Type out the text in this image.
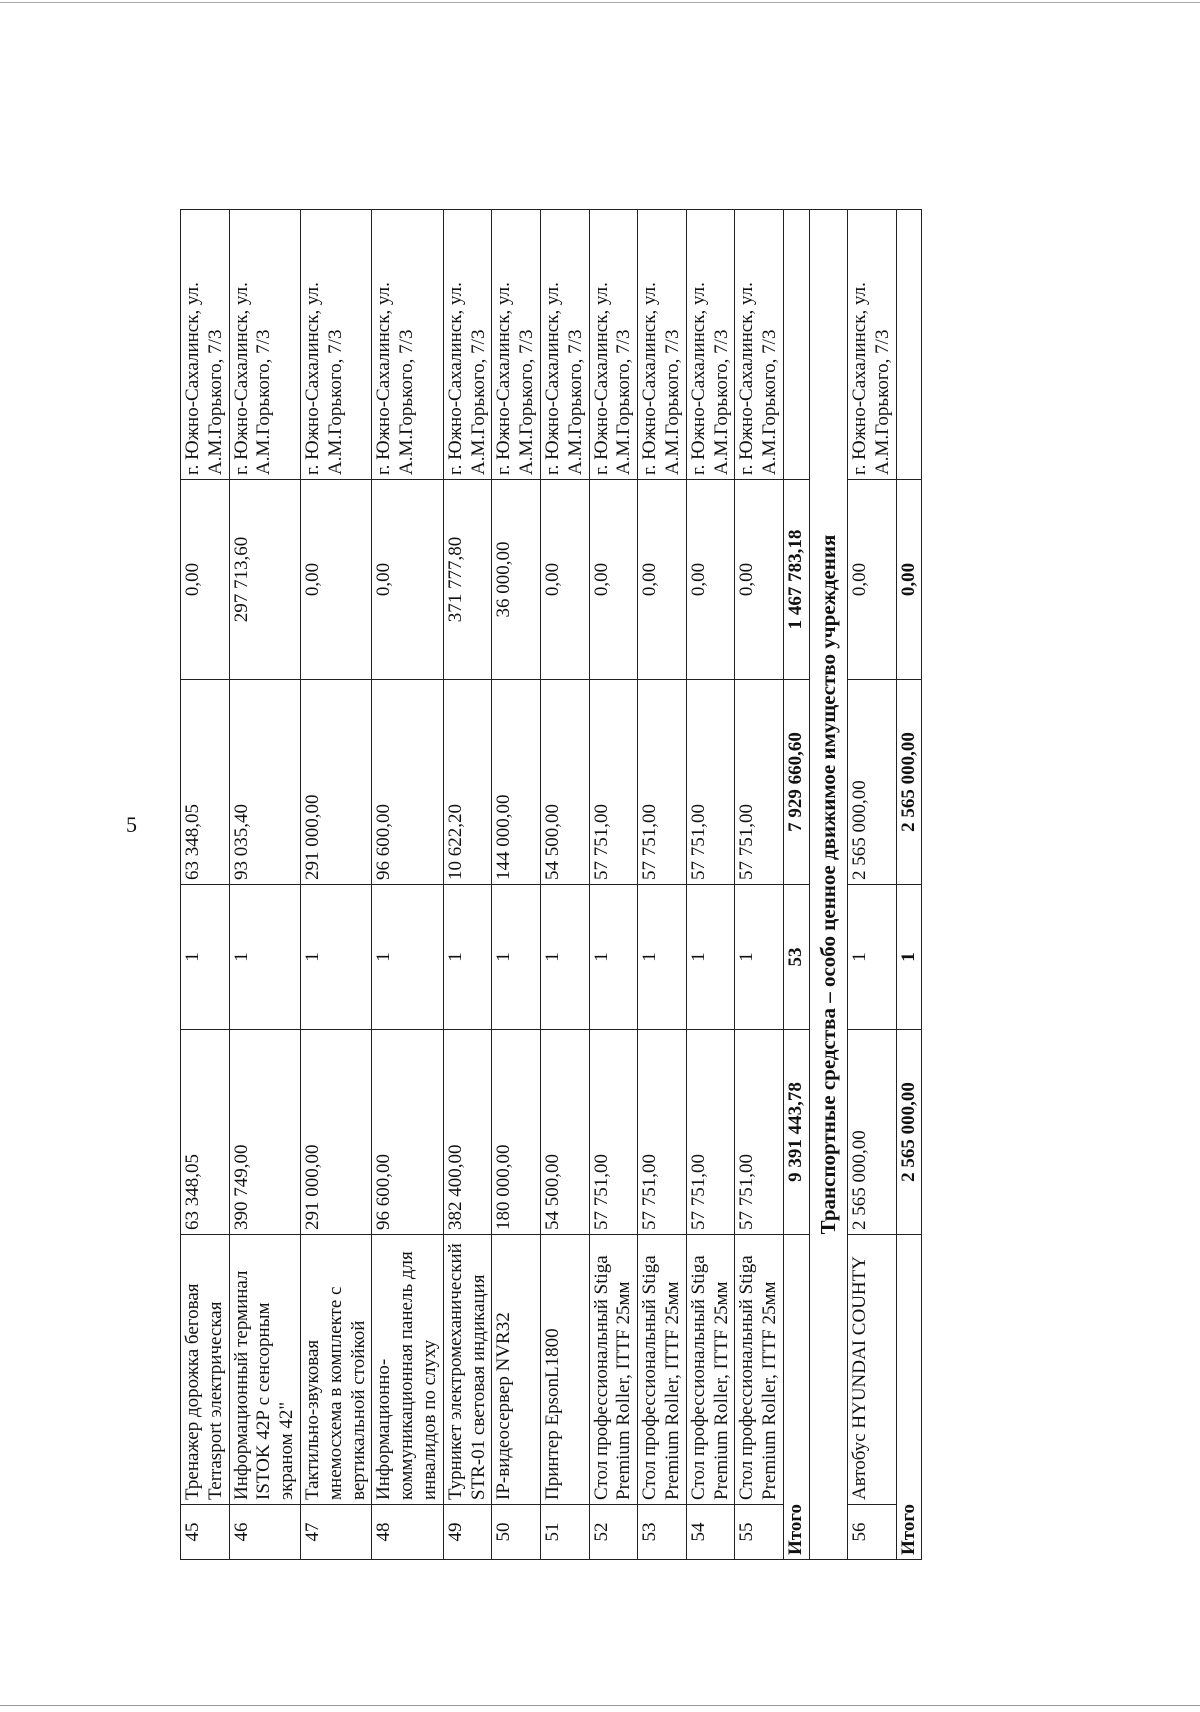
5
45	Тренажер дорожка беговая Terrasport электрическая	63 348,05	1	63 348,05	0,00	г. Южно-Сахалинск, ул. А.М.Горького, 7/3
46	Информационный терминал ISTOK 42Р с сенсорным экраном 42"	390 749,00	1	93 035,40	297 713,60	г. Южно-Сахалинск, ул. А.М.Горького, 7/3
47	Тактильно-звуковая мнемосхема в комплекте с вертикальной стойкой	291 000,00	1	291 000,00	0,00	г. Южно-Сахалинск, ул. А.М.Горького, 7/3
48	Информационно-коммуникационная панель для инвалидов по слуху	96 600,00	1	96 600,00	0,00	г. Южно-Сахалинск, ул. А.М.Горького, 7/3
49	Турникет электромеханический STR-01 световая индикация	382 400,00	1	10 622,20	371 777,80	г. Южно-Сахалинск, ул. А.М.Горького, 7/3
50	IP-видеосервер NVR32	180 000,00	1	144 000,00	36 000,00	г. Южно-Сахалинск, ул. А.М.Горького, 7/3
51	Принтер EpsonL1800	54 500,00	1	54 500,00	0,00	г. Южно-Сахалинск, ул. А.М.Горького, 7/3
52	Стол профессиональный Stiga Premium Roller, ITTF 25мм	57 751,00	1	57 751,00	0,00	г. Южно-Сахалинск, ул. А.М.Горького, 7/3
53	Стол профессиональный Stiga Premium Roller, ITTF 25мм	57 751,00	1	57 751,00	0,00	г. Южно-Сахалинск, ул. А.М.Горького, 7/3
54	Стол профессиональный Stiga Premium Roller, ITTF 25мм	57 751,00	1	57 751,00	0,00	г. Южно-Сахалинск, ул. А.М.Горького, 7/3
55	Стол профессиональный Stiga Premium Roller, ITTF 25мм	57 751,00	1	57 751,00	0,00	г. Южно-Сахалинск, ул. А.М.Горького, 7/3
Итого		9 391 443,78	53	7 929 660,60	1 467 783,18	
Транспортные средства – особо ценное движимое имущество учреждения						
56	Автобус HYUNDAI COUHTY	2 565 000,00	1	2 565 000,00	0,00	г. Южно-Сахалинск, ул. А.М.Горького, 7/3
Итого		2 565 000,00	1	2 565 000,00	0,00	
